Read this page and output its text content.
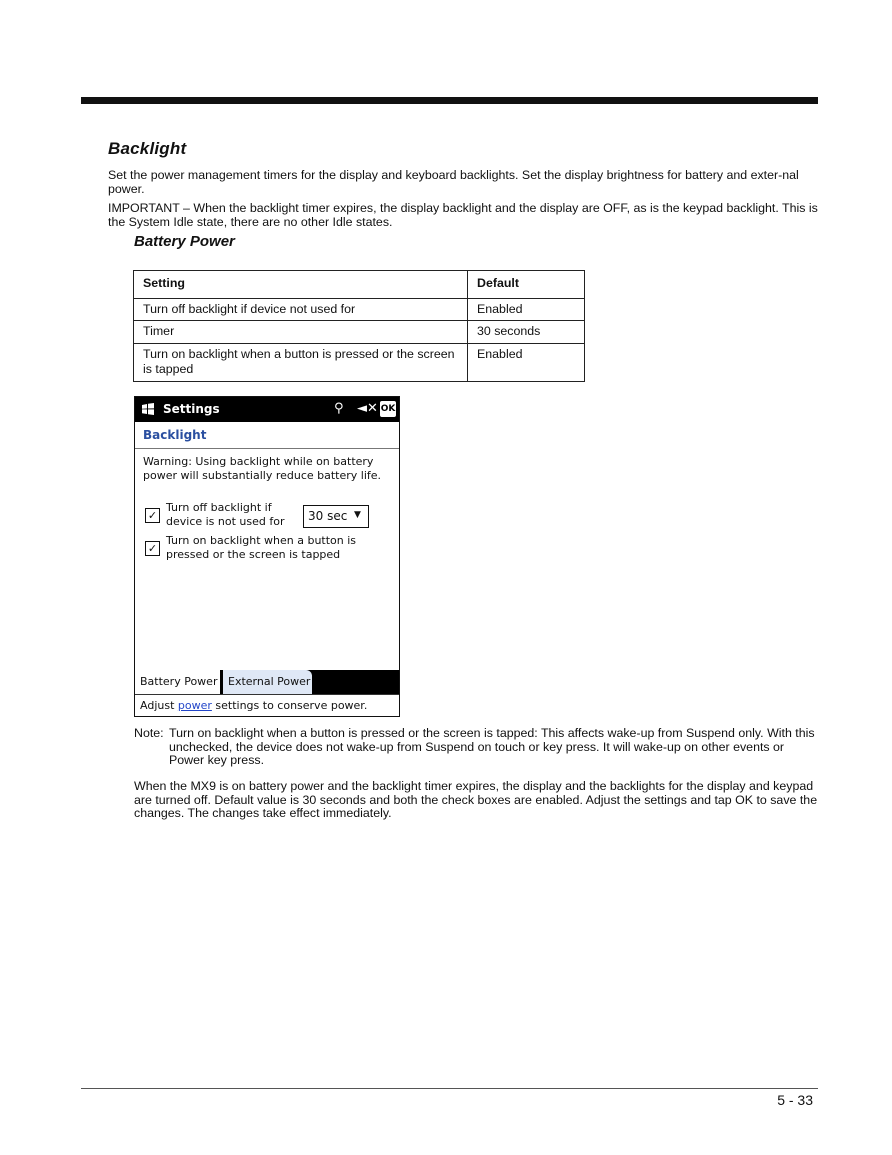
Backlight
Set the power management timers for the display and keyboard backlights. Set the display brightness for battery and exter-nal power.
IMPORTANT – When the backlight timer expires, the display backlight and the display are OFF, as is the keypad backlight. This is the System Idle state, there are no other Idle states.
Battery Power
Setting	Default
Turn off backlight if device not used for	Enabled
Timer	30 seconds
Turn on backlight when a button is pressed or the screen is tapped	Enabled
Settings	⚲ ◄✕ OK
Backlight
Warning: Using backlight while on battery power will substantially reduce battery life.
✓
Turn off backlight if device is not used for	30 sec ▼
✓
Turn on backlight when a button is pressed or the screen is tapped
Battery Power External Power
Adjust power settings to conserve power.
Note: Turn on backlight when a button is pressed or the screen is tapped: This affects wake-up from Suspend only. With this unchecked, the device does not wake-up from Suspend on touch or key press. It will wake-up on other events or Power key press.
When the MX9 is on battery power and the backlight timer expires, the display and the backlights for the display and keypad are turned off. Default value is 30 seconds and both the check boxes are enabled. Adjust the settings and tap OK to save the changes. The changes take effect immediately.
5 - 33
